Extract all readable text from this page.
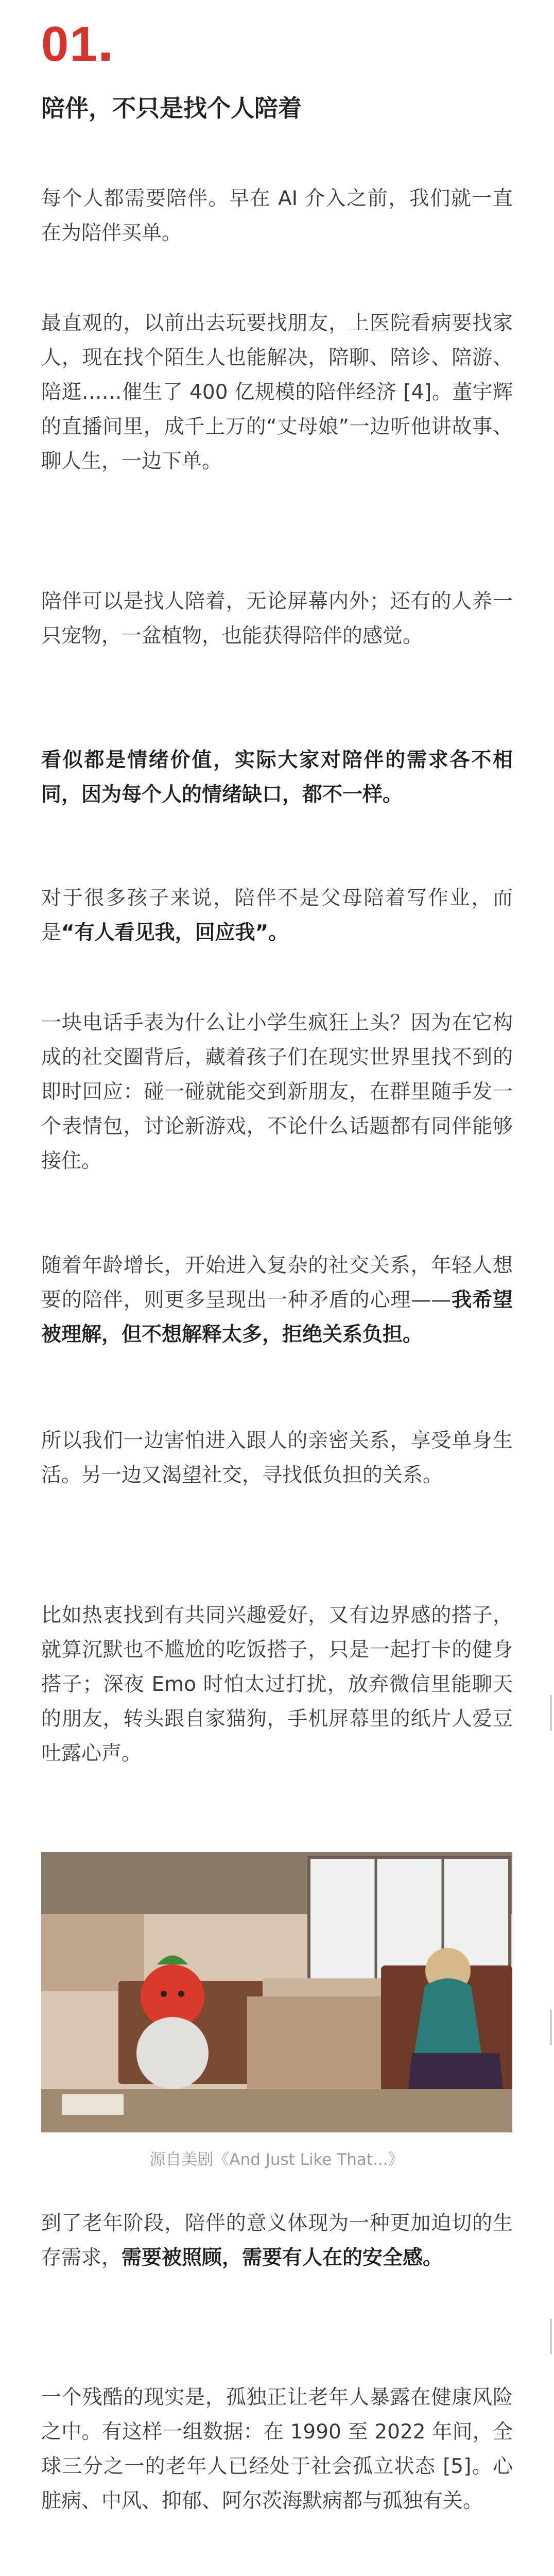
01
陪伴，不只是找个人陪着

每个人都需要陪伴。早在 AI 介入之前，我们就一直在为陪伴买单。

最直观的，以前出去玩要找朋友，上医院看病要找家人，现在找个陌生人也能解决，陪聊、陪诊、陪游、陪逛……催生了 400 亿规模的陪伴经济 [4]。董宇辉的直播间里，成千上万的“丈母娘”一边听他讲故事、聊人生，一边下单。

陪伴可以是找人陪着，无论屏幕内外；还有的人养一只宠物，一盆植物，也能获得陪伴的感觉。

看似都是情绪价值，实际大家对陪伴的需求各不相同，因为每个人的情绪缺口，都不一样。

对于很多孩子来说，陪伴不是父母陪着写作业，而是“有人看见我，回应我”。

一块电话手表为什么让小学生疯狂上头？因为在它构成的社交圈背后，藏着孩子们在现实世界里找不到的即时回应：碰一碰就能交到新朋友，在群里随手发一个表情包，讨论新游戏，不论什么话题都有同伴能够接住。

随着年龄增长，开始进入复杂的社交关系，年轻人想要的陪伴，则更多呈现出一种矛盾的心理——我希望被理解，但不想解释太多，拒绝关系负担。

所以我们一边害怕进入跟人的亲密关系，享受单身生活。另一边又渴望社交，寻找低负担的关系。

比如热衷找到有共同兴趣爱好，又有边界感的搭子，就算沉默也不尴尬的吃饭搭子，只是一起打卡的健身搭子；深夜 Emo 时怕太过打扰，放弃微信里能聊天的朋友，转头跟自家猫狗，手机屏幕里的纸片人爱豆吐露心声。

源自美剧《And Just Like That...》

到了老年阶段，陪伴的意义体现为一种更加迫切的生存需求，需要被照顾，需要有人在的安全感。

一个残酷的现实是，孤独正让老年人暴露在健康风险之中。有这样一组数据：在 1990 至 2022 年间，全球三分之一的老年人已经处于社会孤立状态 [5]。心脏病、中风、抑郁、阿尔茨海默病都与孤独有关。
